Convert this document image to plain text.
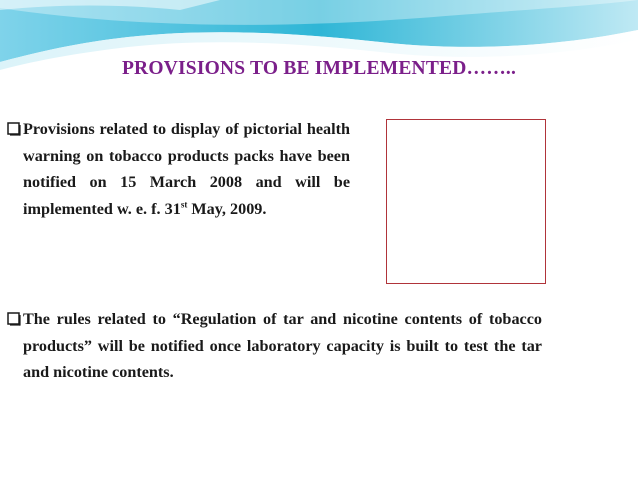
PROVISIONS TO BE IMPLEMENTED……..
Provisions related to display of pictorial health warning on tobacco products packs have been notified on 15 March 2008 and will be implemented w. e. f. 31st May, 2009.
The rules related to “Regulation of tar and nicotine contents of tobacco products” will be notified once laboratory capacity is built to test the tar and nicotine contents.
